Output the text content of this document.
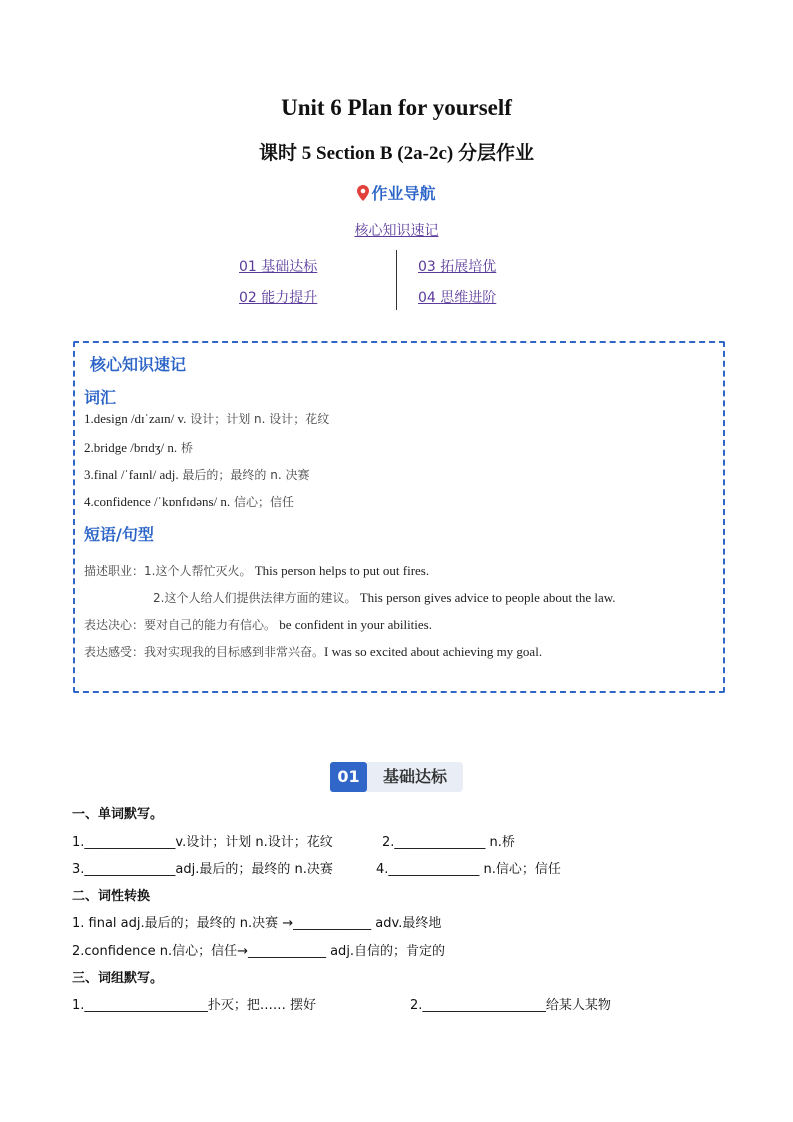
Unit 6 Plan for yourself
课时 5 Section B (2a-2c) 分层作业
作业导航
核心知识速记
01 基础达标	03 拓展培优
02 能力提升	04 思维进阶
核心知识速记
词汇
1.design /dɪˈzaɪn/ v. 设计；计划 n. 设计；花纹
2.bridge /brɪdʒ/ n. 桥
3.final /ˈfaɪnl/ adj. 最后的；最终的 n. 决赛
4.confidence /ˈkɒnfɪdəns/ n. 信心；信任
短语/句型
描述职业：1.这个人帮忙灭火。 This person helps to put out fires.
2.这个人给人们提供法律方面的建议。 This person gives advice to people about the law.
表达决心：要对自己的能力有信心。 be confident in your abilities.
表达感受：我对实现我的目标感到非常兴奋。I was so excited about achieving my goal.
01	基础达标
一、单词默写。
1.______________v.设计；计划 n.设计；花纹	2.______________ n.桥
3.______________adj.最后的；最终的 n.决赛	4.______________ n.信心；信任
二、词性转换
1. final adj.最后的；最终的 n.决赛 →____________ adv.最终地
2.confidence n.信心；信任→____________ adj.自信的；肯定的
三、词组默写。
1.___________________扑灭；把…… 摆好	2.___________________给某人某物
